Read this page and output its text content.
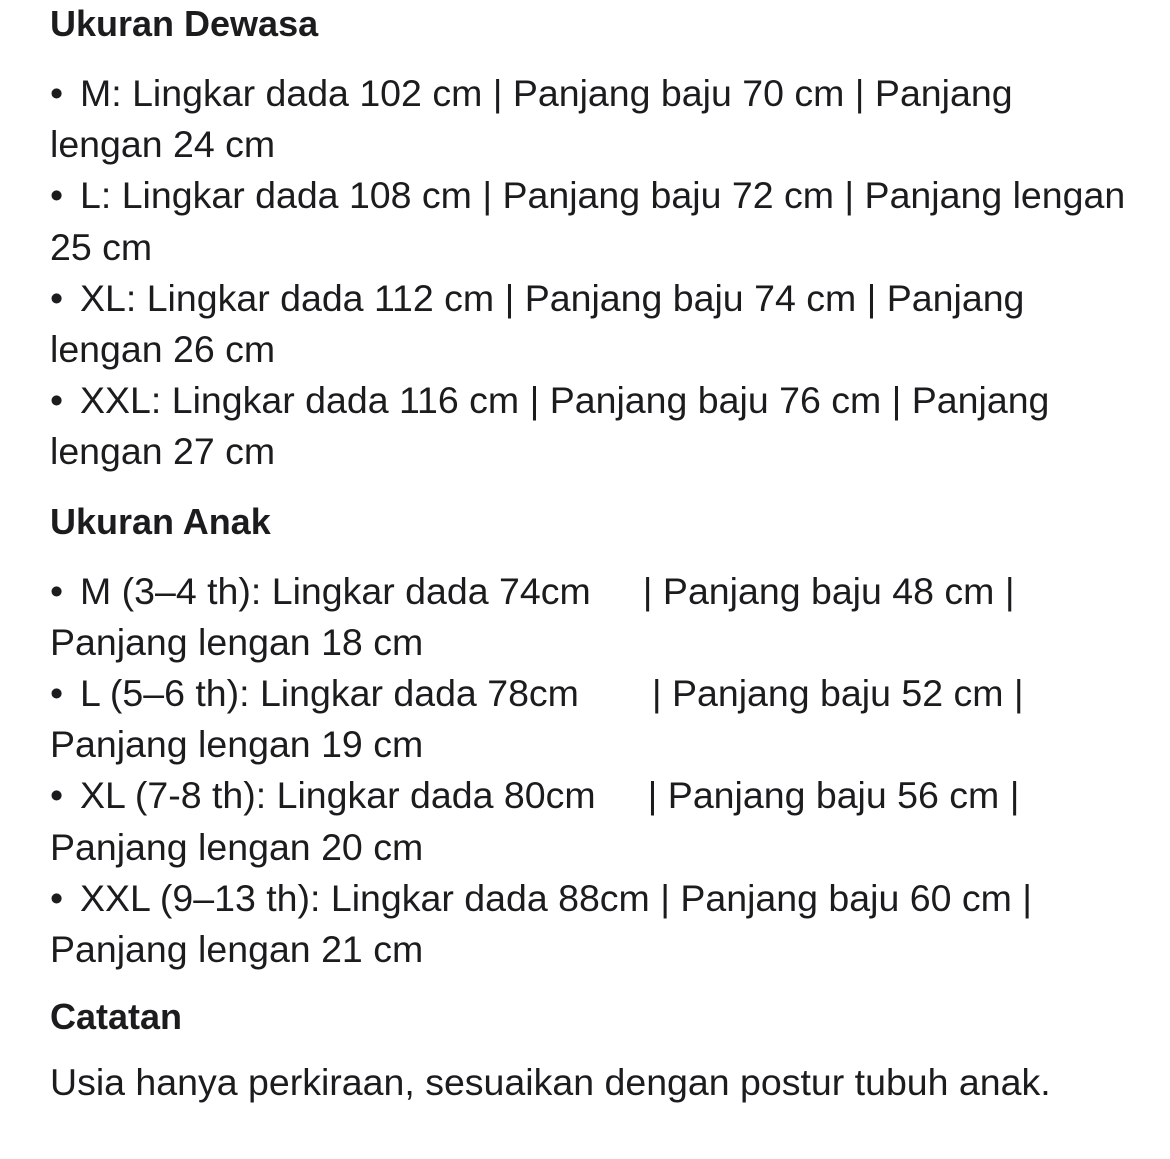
Ukuran Dewasa
• M: Lingkar dada 102 cm | Panjang baju 70 cm | Panjang lengan 24 cm
• L: Lingkar dada 108 cm | Panjang baju 72 cm | Panjang lengan 25 cm
• XL: Lingkar dada 112 cm | Panjang baju 74 cm | Panjang lengan 26 cm
• XXL: Lingkar dada 116 cm | Panjang baju 76 cm | Panjang lengan 27 cm
Ukuran Anak
• M (3–4 th): Lingkar dada 74cm     | Panjang baju 48 cm | Panjang lengan 18 cm
• L (5–6 th): Lingkar dada 78cm       | Panjang baju 52 cm | Panjang lengan 19 cm
• XL (7-8 th): Lingkar dada 80cm     | Panjang baju 56 cm | Panjang lengan 20 cm
• XXL (9–13 th): Lingkar dada 88cm | Panjang baju 60 cm | Panjang lengan 21 cm
Catatan

Usia hanya perkiraan, sesuaikan dengan postur tubuh anak.
